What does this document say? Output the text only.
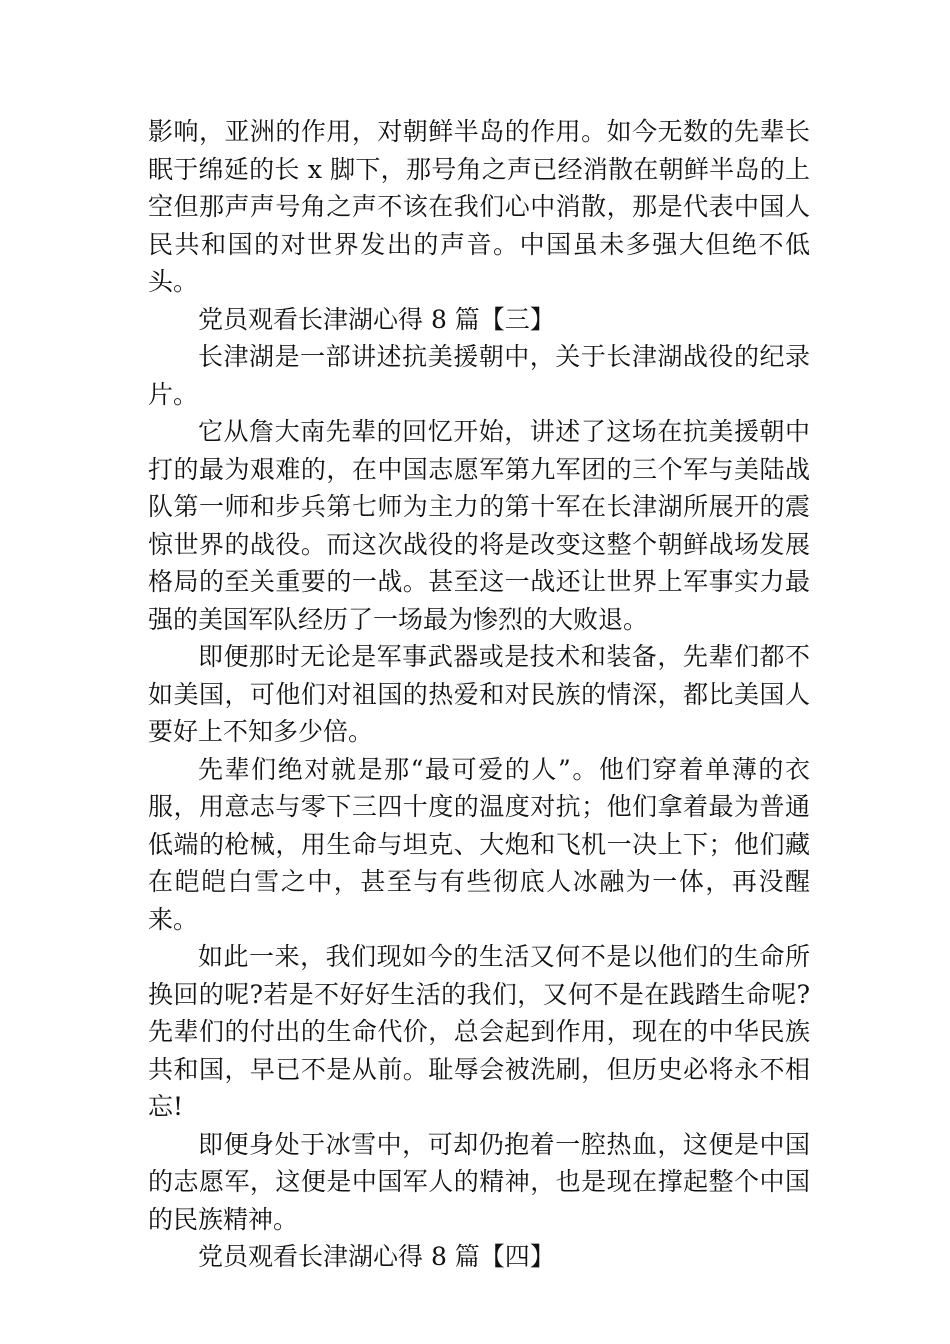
影响，亚洲的作用，对朝鲜半岛的作用。如今无数的先辈长眠于绵延的长 x 脚下，那号角之声已经消散在朝鲜半岛的上空但那声声号角之声不该在我们心中消散，那是代表中国人民共和国的对世界发出的声音。中国虽未多强大但绝不低头。

党员观看长津湖心得 8 篇【三】

长津湖是一部讲述抗美援朝中，关于长津湖战役的纪录片。

它从詹大南先辈的回忆开始，讲述了这场在抗美援朝中打的最为艰难的，在中国志愿军第九军团的三个军与美陆战队第一师和步兵第七师为主力的第十军在长津湖所展开的震惊世界的战役。而这次战役的将是改变这整个朝鲜战场发展格局的至关重要的一战。甚至这一战还让世界上军事实力最强的美国军队经历了一场最为惨烈的大败退。

即便那时无论是军事武器或是技术和装备，先辈们都不如美国，可他们对祖国的热爱和对民族的情深，都比美国人要好上不知多少倍。

先辈们绝对就是那“最可爱的人”。他们穿着单薄的衣服，用意志与零下三四十度的温度对抗；他们拿着最为普通低端的枪械，用生命与坦克、大炮和飞机一决上下；他们藏在皑皑白雪之中，甚至与有些彻底人冰融为一体，再没醒来。

如此一来，我们现如今的生活又何不是以他们的生命所换回的呢?若是不好好生活的我们，又何不是在践踏生命呢?先辈们的付出的生命代价，总会起到作用，现在的中华民族共和国，早已不是从前。耻辱会被洗刷，但历史必将永不相忘!

即便身处于冰雪中，可却仍抱着一腔热血，这便是中国的志愿军，这便是中国军人的精神，也是现在撑起整个中国的民族精神。

党员观看长津湖心得 8 篇【四】
